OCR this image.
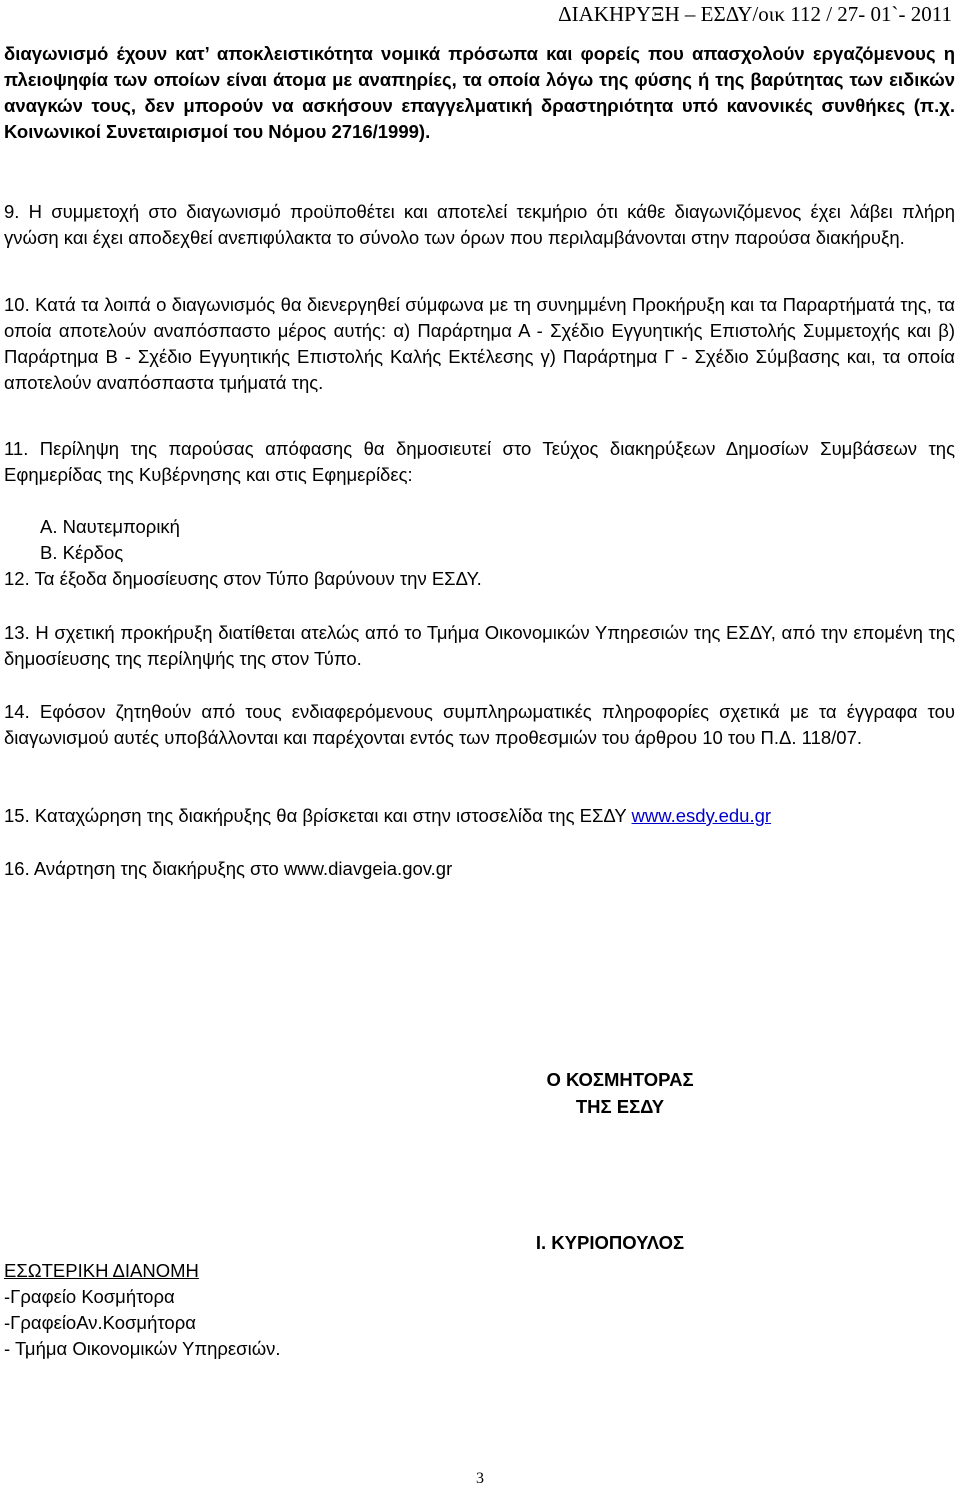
ΔΙΑΚΗΡΥΞΗ – ΕΣΔΥ/οικ 112 / 27- 01`- 2011
διαγωνισμό έχουν κατ’ αποκλειστικότητα νομικά πρόσωπα και φορείς που απασχολούν εργαζόμενους η πλειοψηφία των οποίων είναι άτομα με αναπηρίες, τα οποία λόγω της φύσης ή της βαρύτητας των ειδικών αναγκών τους, δεν μπορούν να ασκήσουν επαγγελματική δραστηριότητα υπό κανονικές συνθήκες (π.χ. Κοινωνικοί Συνεταιρισμοί του Νόμου 2716/1999).
9. Η συμμετοχή στο διαγωνισμό προϋποθέτει και αποτελεί τεκμήριο ότι κάθε διαγωνιζόμενος έχει λάβει πλήρη γνώση και έχει αποδεχθεί ανεπιφύλακτα το σύνολο των όρων που περιλαμβάνονται στην παρούσα διακήρυξη.
10. Κατά τα λοιπά ο διαγωνισμός θα διενεργηθεί σύμφωνα με τη συνημμένη Προκήρυξη και τα Παραρτήματά της, τα οποία αποτελούν αναπόσπαστο μέρος αυτής: α) Παράρτημα Α - Σχέδιο Εγγυητικής Επιστολής Συμμετοχής και β) Παράρτημα Β - Σχέδιο Εγγυητικής Επιστολής Καλής Εκτέλεσης γ) Παράρτημα Γ - Σχέδιο Σύμβασης και, τα οποία αποτελούν αναπόσπαστα τμήματά της.
11. Περίληψη της παρούσας απόφασης θα δημοσιευτεί στο Τεύχος διακηρύξεων Δημοσίων Συμβάσεων της Εφημερίδας της Κυβέρνησης και στις Εφημερίδες:
Α. Ναυτεμπορική
Β. Κέρδος
12. Τα έξοδα δημοσίευσης στον Τύπο βαρύνουν την ΕΣΔΥ.
13. Η σχετική προκήρυξη διατίθεται ατελώς από το Τμήμα Οικονομικών Υπηρεσιών της ΕΣΔΥ, από την επομένη της δημοσίευσης της περίληψής της στον Τύπο.
14. Εφόσον ζητηθούν από τους ενδιαφερόμενους συμπληρωματικές πληροφορίες σχετικά με τα έγγραφα του διαγωνισμού αυτές υποβάλλονται και παρέχονται εντός των προθεσμιών του άρθρου 10 του Π.Δ. 118/07.
15. Καταχώρηση της διακήρυξης θα βρίσκεται και στην ιστοσελίδα της ΕΣΔΥ www.esdy.edu.gr
16. Ανάρτηση της διακήρυξης στο www.diavgeia.gov.gr
Ο ΚΟΣΜΗΤΟΡΑΣ
ΤΗΣ ΕΣΔΥ
Ι. ΚΥΡΙΟΠΟΥΛΟΣ
ΕΣΩΤΕΡΙΚΗ ΔΙΑΝΟΜΗ
-Γραφείο Κοσμήτορα
-ΓραφείοΑν.Κοσμήτορα
- Τμήμα Οικονομικών Υπηρεσιών.
3
